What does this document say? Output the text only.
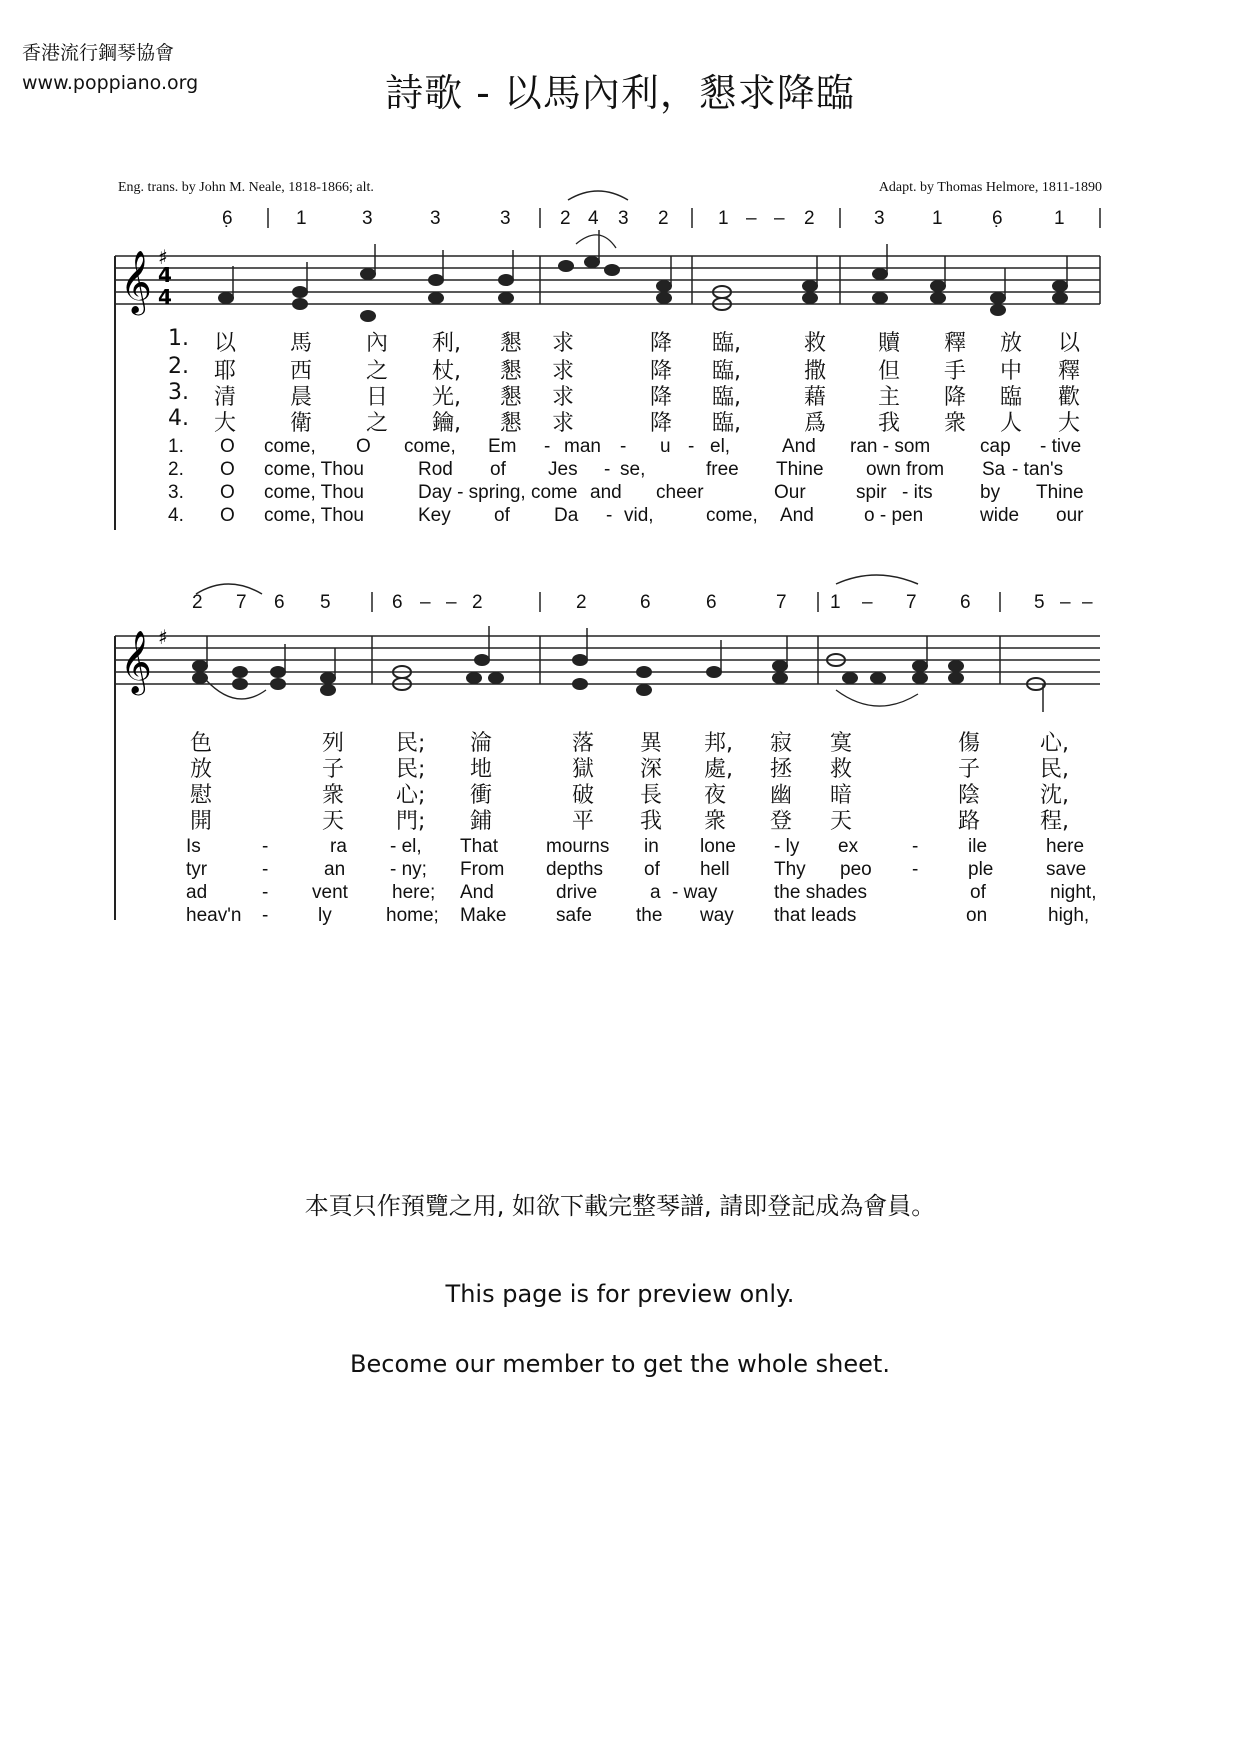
香港流行鋼琴協會
www.poppiano.org	詩歌 - 以馬內利，懇求降臨
Eng. trans. by John M. Neale, 1818-1866; alt.	Adapt. by Thomas Helmore, 1811-1890
𝄞 ♯
4
4
6̣	1	3	3	3	2 4 3 2	1 – – 2	3 1	6̣	1
1. 以 馬 內 利, 懇 求	降 臨,	救 贖 釋 放 以
2. 耶 西 之 杖, 懇 求	降 臨,	撒 但 手 中 釋
3. 清 晨 日 光, 懇 求	降 臨,	藉 主 降 臨 歡
4. 大 衛 之 鑰, 懇 求	降 臨,	爲 我 衆 人 大
1. O come, O come, Em - man - u - el,	And ran - som	cap - tive
2. O come, Thou	Rod of Jes - se,	free Thine own from Sa - tan's
3. O come, Thou	Day - spring, come and cheer	Our	spir - its by Thine
4. O come, Thou	Key of Da - vid,	come, And	o - pen	wide our
𝄞 ♯
2 7 6 5	6 – – 2	2	6	6	7 1 – 7 6	5 – –
色	列 民; 淪	落 異 邦, 寂 寞	傷	心,
放	子 民; 地	獄 深 處, 拯 救	子	民,
慰	衆 心; 衝	破 長 夜 幽 暗	陰	沈,
開	天 門; 鋪	平 我 衆 登 天	路	程,
Is	-	ra - el, That	mourns in lone - ly ex	-	ile	here
tyr	-	an - ny; From depths of hell Thy peo -	ple	save
ad	- vent here; And	drive	a - way	the shades	of	night,
heav'n -	ly	home; Make	safe the way that leads	on	high,
本頁只作預覽之用, 如欲下載完整琴譜, 請即登記成為會員。
This page is for preview only.
Become our member to get the whole sheet.
